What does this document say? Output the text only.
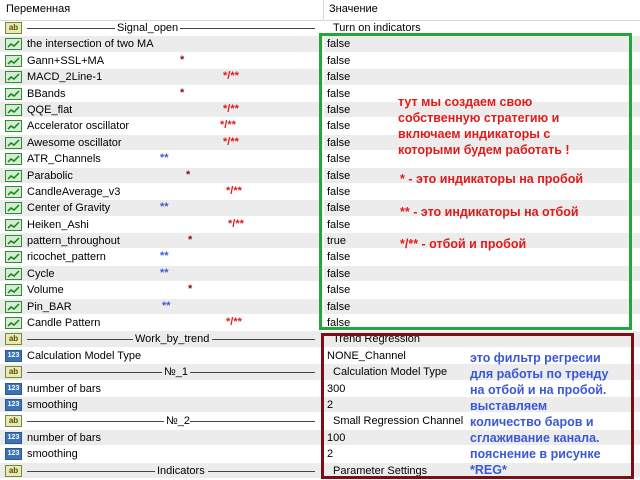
Переменная	Значение
ab	Signal_open	Turn on indicators
the intersection of two MA	false
Gann+SSL+MA	*	false
MACD_2Line-1	*/**	false
BBands	*	false
QQE_flat	*/**	false
Accelerator oscillator	*/**	false
Awesome oscillator	*/**	false
ATR_Channels	**	false
Parabolic	*	false
CandleAverage_v3	*/**	false
Center of Gravity	**	false
Heiken_Ashi	*/**	false
pattern_throughout	*	true
ricochet_pattern	**	false
Cycle	**	false
Volume	*	false
Pin_BAR	**	false
Candle Pattern	*/**	false
ab	Work_by_trend	Trend Regression
123 Calculation Model Type	NONE_Channel
ab	№_1	Calculation Model Type
123 number of bars	300
123 smoothing	2
ab	№_2	Small Regression Channel
123 number of bars	100
123 smoothing	2
ab	Indicators	Parameter Settings
тут мы создаем свою
собственную стратегию и
включаем индикаторы с
которыми будем работать !
* - это индикаторы на пробой
** - это индикаторы на отбой
*/** - отбой и пробой
это фильтр регресии
для работы по тренду
на отбой и на пробой.
выставляем
количество баров и
сглаживание канала.
пояснение в рисунке
*REG*
